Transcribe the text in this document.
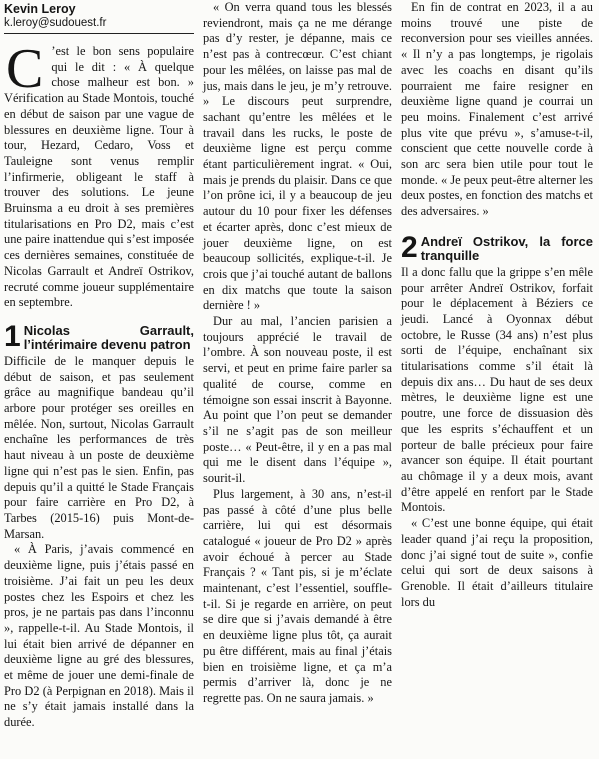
Kevin Leroy
k.leroy@sudouest.fr
C ’est le bon sens populaire qui le dit : « À quelque chose malheur est bon. » Vérification au Stade Montois, touché en début de saison par une vague de blessures en deuxième ligne. Tour à tour, Hezard, Cedaro, Voss et Tauleigne sont venus remplir l’infirmerie, obligeant le staff à trouver des solutions. Le jeune Bruinsma a eu droit à ses premières titularisations en Pro D2, mais c’est une paire inattendue qui s’est imposée ces dernières semaines, constituée de Nicolas Garrault et Andreï Ostrikov, recruté comme joueur supplémentaire en septembre.

1 Nicolas Garrault, l’intérimaire devenu patron

Difficile de le manquer depuis le début de saison, et pas seulement grâce au magnifique bandeau qu’il arbore pour protéger ses oreilles en mêlée. Non, surtout, Nicolas Garrault enchaîne les performances de très haut niveau à un poste de deuxième ligne qui n’est pas le sien. Enfin, pas depuis qu’il a quitté le Stade Français pour faire carrière en Pro D2, à Tarbes (2015-16) puis Mont-de-Marsan.

« À Paris, j’avais commencé en deuxième ligne, puis j’étais passé en troisième. J’ai fait un peu les deux postes chez les Espoirs et chez les pros, je ne partais pas dans l’inconnu », rappelle-t-il. Au Stade Montois, il lui était bien arrivé de dépanner en deuxième ligne au gré des blessures, et même de jouer une demi-finale de Pro D2 (à Perpignan en 2018). Mais il ne s’y était jamais installé dans la durée.

« On verra quand tous les blessés reviendront, mais ça ne me dérange pas d’y rester, je dépanne, mais ce n’est pas à contrecœur. C’est chiant pour les mêlées, on laisse pas mal de jus, mais dans le jeu, je m’y retrouve. » Le discours peut surprendre, sachant qu’entre les mêlées et le travail dans les rucks, le poste de deuxième ligne est perçu comme étant particulièrement ingrat. « Oui, mais je prends du plaisir. Dans ce que l’on prône ici, il y a beaucoup de jeu autour du 10 pour fixer les défenses et écarter après, donc c’est mieux de jouer deuxième ligne, on est beaucoup sollicités, explique-t-il. Je crois que j’ai touché autant de ballons en dix matchs que toute la saison dernière ! »

Dur au mal, l’ancien parisien a toujours apprécié le travail de l’ombre. À son nouveau poste, il est servi, et peut en prime faire parler sa qualité de course, comme en témoigne son essai inscrit à Bayonne. Au point que l’on peut se demander s’il ne s’agit pas de son meilleur poste… « Peut-être, il y en a pas mal qui me le disent dans l’équipe », sourit-il.

Plus largement, à 30 ans, n’est-il pas passé à côté d’une plus belle carrière, lui qui est désormais catalogué « joueur de Pro D2 » après avoir échoué à percer au Stade Français ? « Tant pis, si je m’éclate maintenant, c’est l’essentiel, souffle-t-il. Si je regarde en arrière, on peut se dire que si j’avais demandé à être en deuxième ligne plus tôt, ça aurait pu être différent, mais au final j’étais bien en troisième ligne, et ça m’a permis d’arriver là, donc je ne regrette pas. On ne saura jamais. »

En fin de contrat en 2023, il a au moins trouvé une piste de reconversion pour ses vieilles années. « Il n’y a pas longtemps, je rigolais avec les coachs en disant qu’ils pourraient me faire resigner en deuxième ligne quand je courrai un peu moins. Finalement c’est arrivé plus vite que prévu », s’amuse-t-il, conscient que cette nouvelle corde à son arc sera bien utile pour tout le monde. « Je peux peut-être alterner les deux postes, en fonction des matchs et des adversaires. »

2 Andreï Ostrikov, la force tranquille

Il a donc fallu que la grippe s’en mêle pour arrêter Andreï Ostrikov, forfait pour le déplacement à Béziers ce jeudi. Lancé à Oyonnax début octobre, le Russe (34 ans) n’est plus sorti de l’équipe, enchaînant six titularisations comme s’il était là depuis dix ans… Du haut de ses deux mètres, le deuxième ligne est une poutre, une force de dissuasion dès que les esprits s’échauffent et un porteur de balle précieux pour faire avancer son équipe. Il était pourtant au chômage il y a deux mois, avant d’être appelé en renfort par le Stade Montois.

« C’est une bonne équipe, qui était leader quand j’ai reçu la proposition, donc j’ai signé tout de suite », confie celui qui sort de deux saisons à Grenoble. Il était d’ailleurs titulaire lors du
